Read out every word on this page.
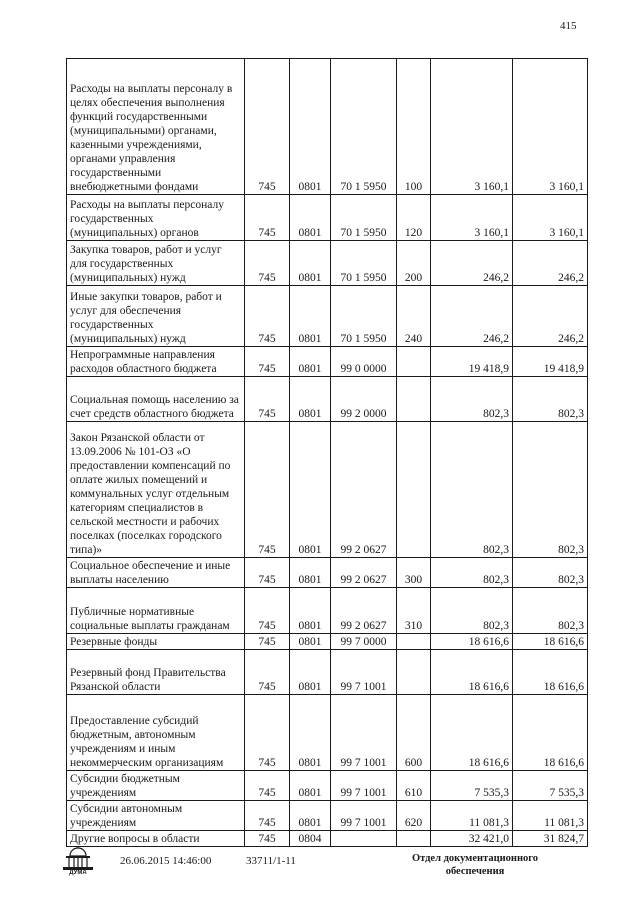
415
Расходы на выплаты персоналу в целях обеспечения выполнения функций государственными (муниципальными) органами, казенными учреждениями, органами управления государственными внебюджетными фондами	745	0801	70 1 5950	100	3 160,1	3 160,1
Расходы на выплаты персоналу государственных (муниципальных) органов	745	0801	70 1 5950	120	3 160,1	3 160,1
Закупка товаров, работ и услуг для государственных (муниципальных) нужд	745	0801	70 1 5950	200	246,2	246,2
Иные закупки товаров, работ и услуг для обеспечения государственных (муниципальных) нужд	745	0801	70 1 5950	240	246,2	246,2
Непрограммные направления расходов областного бюджета	745	0801	99 0 0000		19 418,9	19 418,9
Социальная помощь населению за счет средств областного бюджета	745	0801	99 2 0000		802,3	802,3
Закон Рязанской области от 13.09.2006 № 101-ОЗ «О предоставлении компенсаций по оплате жилых помещений и коммунальных услуг отдельным категориям специалистов в сельской местности и рабочих поселках (поселках городского типа)»	745	0801	99 2 0627		802,3	802,3
Социальное обеспечение и иные выплаты населению	745	0801	99 2 0627	300	802,3	802,3
Публичные нормативные социальные выплаты гражданам	745	0801	99 2 0627	310	802,3	802,3
Резервные фонды	745	0801	99 7 0000		18 616,6	18 616,6
Резервный фонд Правительства Рязанской области	745	0801	99 7 1001		18 616,6	18 616,6
Предоставление субсидий бюджетным, автономным учреждениям и иным некоммерческим организациям	745	0801	99 7 1001	600	18 616,6	18 616,6
Субсидии бюджетным учреждениям	745	0801	99 7 1001	610	7 535,3	7 535,3
Субсидии автономным учреждениям	745	0801	99 7 1001	620	11 081,3	11 081,3
Другие вопросы в области	745	0804			32 421,0	31 824,7
ДУМА
26.06.2015 14:46:00	33711/1-11	Отдел документационного обеспечения
